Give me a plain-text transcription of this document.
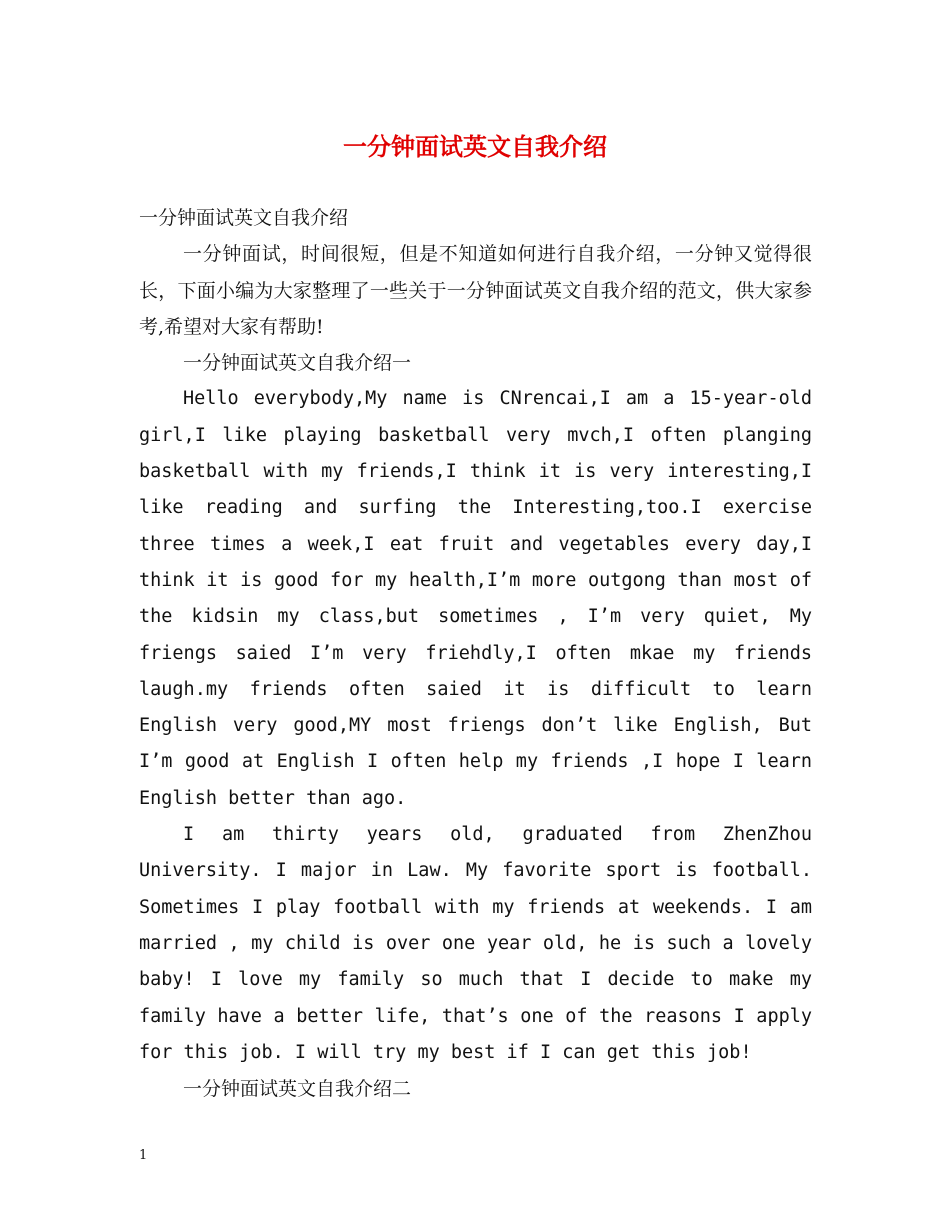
一分钟面试英文自我介绍

一分钟面试英文自我介绍

一分钟面试，时间很短，但是不知道如何进行自我介绍，一分钟又觉得很长，下面小编为大家整理了一些关于一分钟面试英文自我介绍的范文，供大家参考,希望对大家有帮助!

一分钟面试英文自我介绍一

Hello everybody,My name is CNrencai,I am a 15-year-old girl,I like playing basketball very mvch,I often planging basketball with my friends,I think it is very interesting,I like reading and surfing the Interesting,too.I exercise three times a week,I eat fruit and vegetables every day,I think it is good for my health,I’m more outgong than most of the kidsin my class,but sometimes , I’m very quiet, My friengs saied I’m very friehdly,I often mkae my friends laugh.my friends often saied it is difficult to learn English very good,MY most friengs don’t like English, But I’m good at English I often help my friends ,I hope I learn English better than ago.

I am thirty years old, graduated from ZhenZhou University. I major in Law. My favorite sport is football. Sometimes I play football with my friends at weekends. I am married , my child is over one year old, he is such a lovely baby! I love my family so much that I decide to make my family have a better life, that’s one of the reasons I apply for this job. I will try my best if I can get this job!

一分钟面试英文自我介绍二

1
